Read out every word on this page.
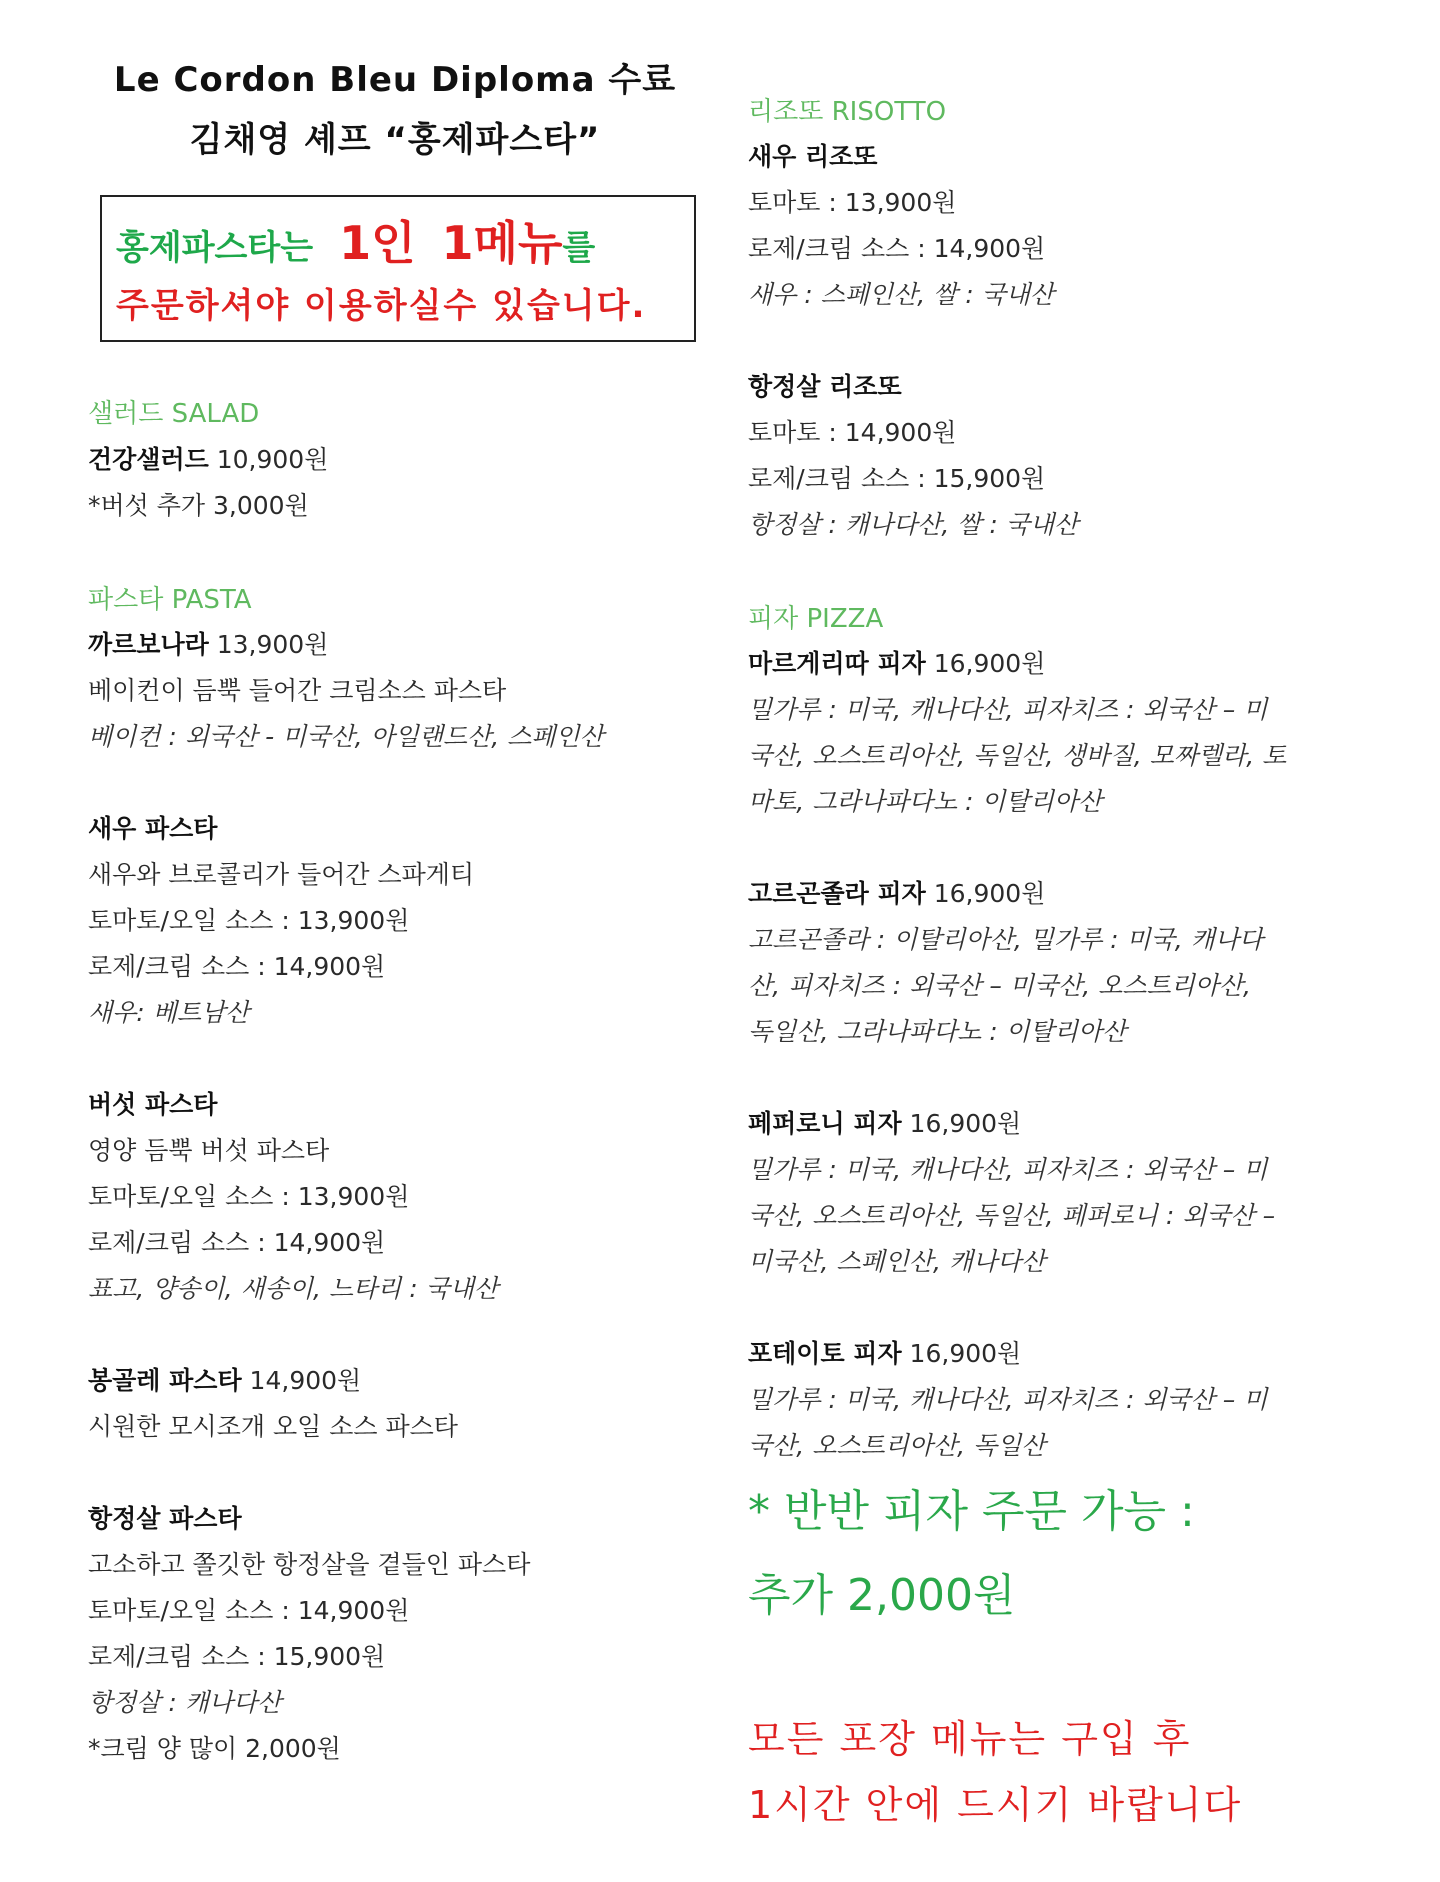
Le Cordon Bleu Diploma 수료
김채영 셰프 “홍제파스타”
홍제파스타는 1인 1메뉴를
주문하셔야 이용하실수 있습니다.
샐러드 SALAD
건강샐러드 10,900원
*버섯 추가 3,000원
파스타 PASTA
까르보나라 13,900원
베이컨이 듬뿍 들어간 크림소스 파스타
베이컨 : 외국산 - 미국산, 아일랜드산, 스페인산
새우 파스타
새우와 브로콜리가 들어간 스파게티
토마토/오일 소스 : 13,900원
로제/크림 소스 : 14,900원
새우: 베트남산
버섯 파스타
영양 듬뿍 버섯 파스타
토마토/오일 소스 : 13,900원
로제/크림 소스 : 14,900원
표고, 양송이, 새송이, 느타리 : 국내산
봉골레 파스타 14,900원
시원한 모시조개 오일 소스 파스타
항정살 파스타
고소하고 쫄깃한 항정살을 곁들인 파스타
토마토/오일 소스 : 14,900원
로제/크림 소스 : 15,900원
항정살 : 캐나다산
*크림 양 많이 2,000원
리조또 RISOTTO
새우 리조또
토마토 : 13,900원
로제/크림 소스 : 14,900원
새우 : 스페인산, 쌀 : 국내산
항정살 리조또
토마토 : 14,900원
로제/크림 소스 : 15,900원
항정살 : 캐나다산, 쌀 : 국내산
피자 PIZZA
마르게리따 피자 16,900원
밀가루 : 미국, 캐나다산, 피자치즈 : 외국산 – 미
국산, 오스트리아산, 독일산, 생바질, 모짜렐라, 토
마토, 그라나파다노 : 이탈리아산
고르곤졸라 피자 16,900원
고르곤졸라 : 이탈리아산, 밀가루 : 미국, 캐나다
산, 피자치즈 : 외국산 – 미국산, 오스트리아산,
독일산, 그라나파다노 : 이탈리아산
페퍼로니 피자 16,900원
밀가루 : 미국, 캐나다산, 피자치즈 : 외국산 – 미
국산, 오스트리아산, 독일산, 페퍼로니 : 외국산 –
미국산, 스페인산, 캐나다산
포테이토 피자 16,900원
밀가루 : 미국, 캐나다산, 피자치즈 : 외국산 – 미
국산, 오스트리아산, 독일산
* 반반 피자 주문 가능 :
추가 2,000원
모든 포장 메뉴는 구입 후
1시간 안에 드시기 바랍니다
